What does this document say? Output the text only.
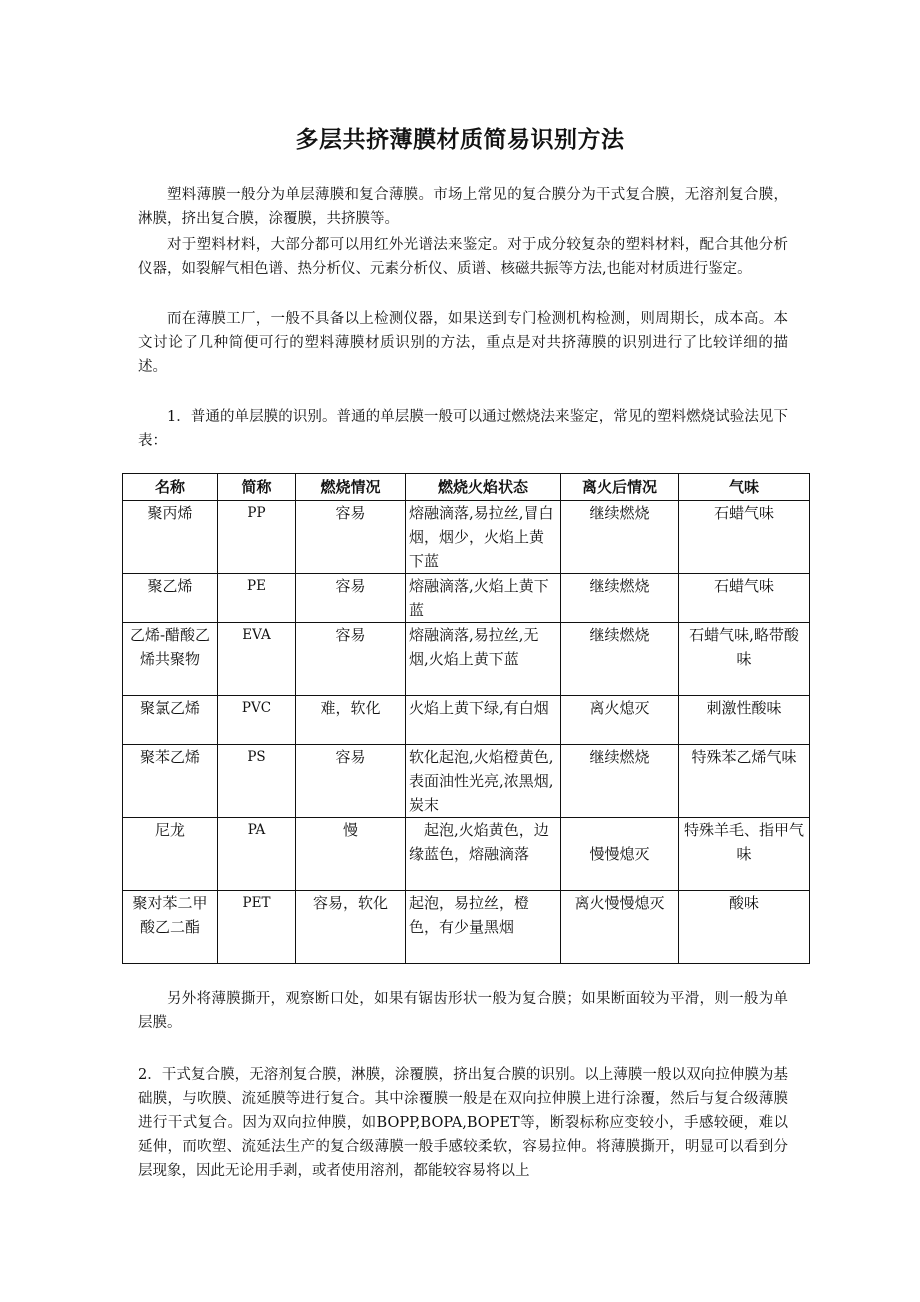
多层共挤薄膜材质简易识别方法

塑料薄膜一般分为单层薄膜和复合薄膜。市场上常见的复合膜分为干式复合膜，无溶剂复合膜，淋膜，挤出复合膜，涂覆膜，共挤膜等。

对于塑料材料，大部分都可以用红外光谱法来鉴定。对于成分较复杂的塑料材料，配合其他分析仪器，如裂解气相色谱、热分析仪、元素分析仪、质谱、核磁共振等方法,也能对材质进行鉴定。

而在薄膜工厂，一般不具备以上检测仪器，如果送到专门检测机构检测，则周期长，成本高。本文讨论了几种简便可行的塑料薄膜材质识别的方法，重点是对共挤薄膜的识别进行了比较详细的描述。

1．普通的单层膜的识别。普通的单层膜一般可以通过燃烧法来鉴定，常见的塑料燃烧试验法见下表：

名称	简称	燃烧情况	燃烧火焰状态	离火后情况	气味
聚丙烯	PP	容易	熔融滴落,易拉丝,冒白烟，烟少，火焰上黄下蓝	继续燃烧	石蜡气味
聚乙烯	PE	容易	熔融滴落,火焰上黄下蓝	继续燃烧	石蜡气味
乙烯-醋酸乙烯共聚物	EVA	容易	熔融滴落,易拉丝,无烟,火焰上黄下蓝	继续燃烧	石蜡气味,略带酸味
聚氯乙烯	PVC	难，软化	火焰上黄下绿,有白烟	离火熄灭	刺激性酸味
聚苯乙烯	PS	容易	软化起泡,火焰橙黄色,表面油性光亮,浓黑烟,炭末	继续燃烧	特殊苯乙烯气味
尼龙	PA	慢	　起泡,火焰黄色，边缘蓝色，熔融滴落	慢慢熄灭	特殊羊毛、指甲气味
聚对苯二甲酸乙二酯	PET	容易，软化	起泡，易拉丝，橙色，有少量黑烟	离火慢慢熄灭	酸味

另外将薄膜撕开，观察断口处，如果有锯齿形状一般为复合膜；如果断面较为平滑，则一般为单层膜。

2．干式复合膜，无溶剂复合膜，淋膜，涂覆膜，挤出复合膜的识别。以上薄膜一般以双向拉伸膜为基础膜，与吹膜、流延膜等进行复合。其中涂覆膜一般是在双向拉伸膜上进行涂覆，然后与复合级薄膜进行干式复合。因为双向拉伸膜，如BOPP,BOPA,BOPET等，断裂标称应变较小，手感较硬，难以延伸，而吹塑、流延法生产的复合级薄膜一般手感较柔软，容易拉伸。将薄膜撕开，明显可以看到分层现象，因此无论用手剥，或者使用溶剂，都能较容易将以上
